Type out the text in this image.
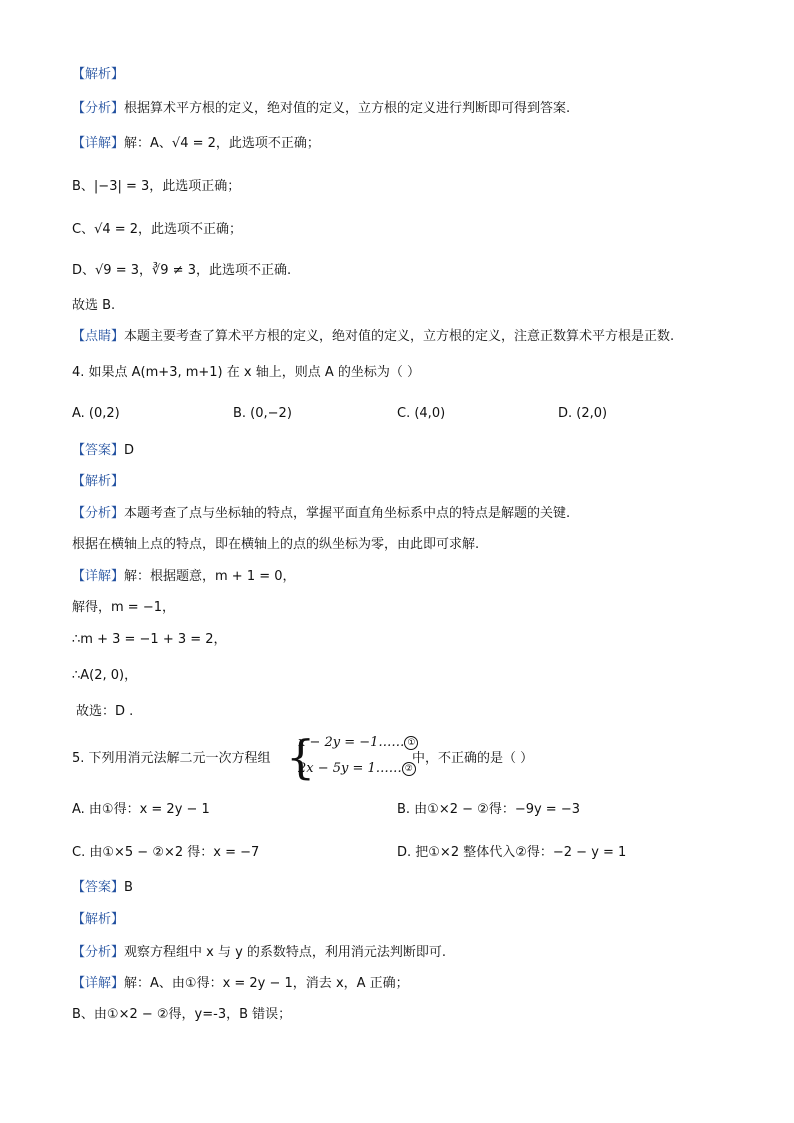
【解析】
【分析】根据算术平方根的定义，绝对值的定义，立方根的定义进行判断即可得到答案.
【详解】解：A、√4 = 2，此选项不正确；
B、|−3| = 3，此选项正确；
C、√4 = 2，此选项不正确；
D、√9 = 3，∛9 ≠ 3，此选项不正确.
故选 B.
【点睛】本题主要考查了算术平方根的定义，绝对值的定义，立方根的定义，注意正数算术平方根是正数.
4. 如果点 A(m+3, m+1) 在 x 轴上，则点 A 的坐标为（ ）
A. (0,2)	B. (0,−2)	C. (4,0)	D. (2,0)
【答案】D
【解析】
【分析】本题考查了点与坐标轴的特点，掌握平面直角坐标系中点的特点是解题的关键.
根据在横轴上点的特点，即在横轴上的点的纵坐标为零，由此即可求解.
【详解】解：根据题意，m + 1 = 0，
解得，m = −1，
∴m + 3 = −1 + 3 = 2，
∴A(2, 0)，
故选：D .
5. 下列用消元法解二元一次方程组 {
x − 2y = −1…… ①
2x − 5y = 1…… ②
中，不正确的是（ ）
A. 由①得：x = 2y − 1	B. 由①×2 − ②得：−9y = −3
C. 由①×5 − ②×2 得：x = −7	D. 把①×2 整体代入②得：−2 − y = 1
【答案】B
【解析】
【分析】观察方程组中 x 与 y 的系数特点，利用消元法判断即可.
【详解】解：A、由①得：x = 2y − 1，消去 x，A 正确；
B、由①×2 − ②得，y=-3，B 错误；
